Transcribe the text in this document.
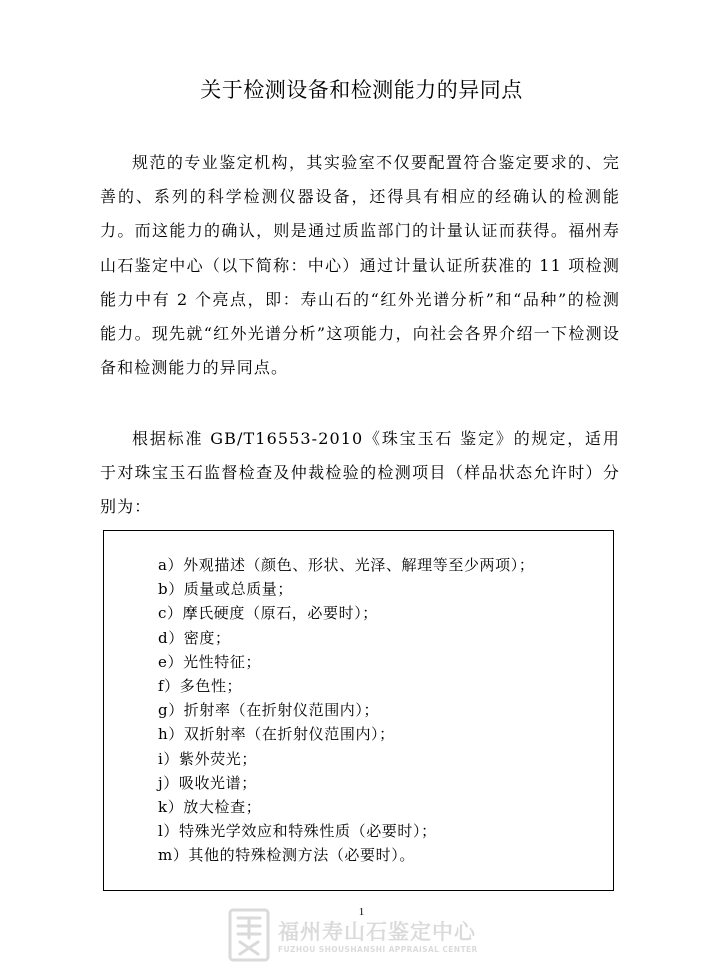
关于检测设备和检测能力的异同点

规范的专业鉴定机构，其实验室不仅要配置符合鉴定要求的、完善的、系列的科学检测仪器设备，还得具有相应的经确认的检测能力。而这能力的确认，则是通过质监部门的计量认证而获得。福州寿山石鉴定中心（以下简称：中心）通过计量认证所获准的 11 项检测能力中有 2 个亮点，即：寿山石的“红外光谱分析”和“品种”的检测能力。现先就“红外光谱分析”这项能力，向社会各界介绍一下检测设备和检测能力的异同点。

根据标准 GB/T16553-2010《珠宝玉石 鉴定》的规定，适用于对珠宝玉石监督检查及仲裁检验的检测项目（样品状态允许时）分别为：

a）外观描述（颜色、形状、光泽、解理等至少两项）；
b）质量或总质量；
c）摩氏硬度（原石，必要时）；
d）密度；
e）光性特征；
f）多色性；
g）折射率（在折射仪范围内）；
h）双折射率（在折射仪范围内）；
i）紫外荧光；
j）吸收光谱；
k）放大检查；
l）特殊光学效应和特殊性质（必要时）；
m）其他的特殊检测方法（必要时）。
1
福州寿山石鉴定中心
FUZHOU SHOUSHANSHI APPRAISAL CENTER
